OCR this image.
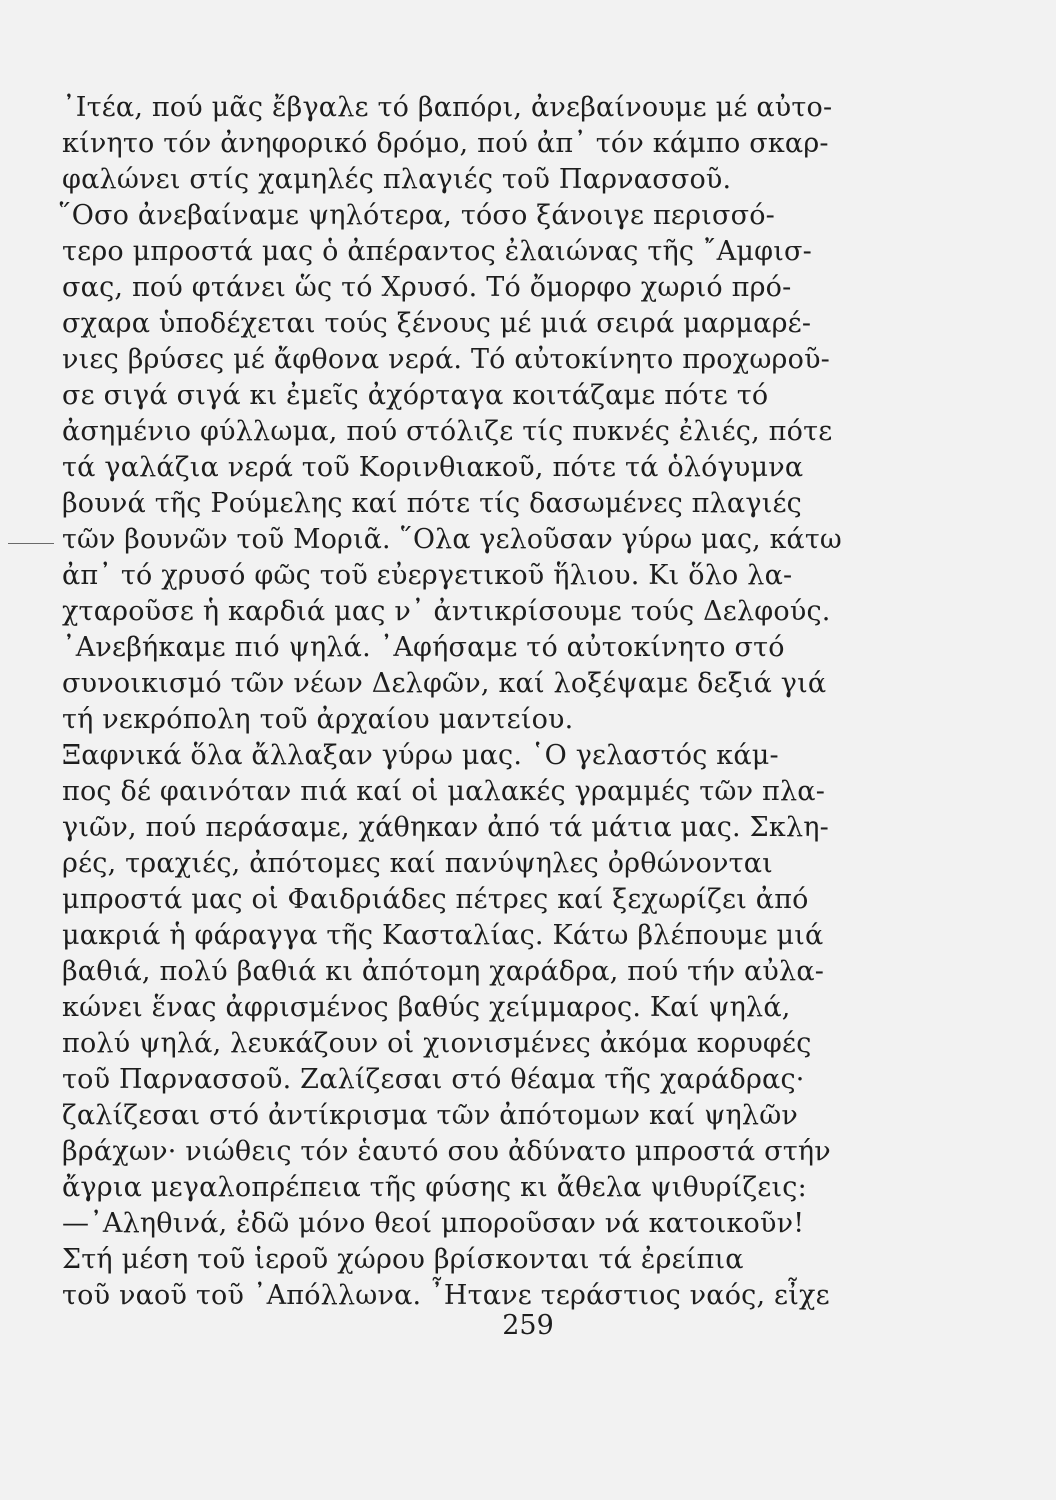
᾿Ιτέα, πού μᾶς ἔβγαλε τό βαπόρι, ἀνεβαίνουμε μέ αὐτο-
κίνητο τόν ἀνηφορικό δρόμο, πού ἀπ᾿ τόν κάμπο σκαρ-
φαλώνει στίς χαμηλές πλαγιές τοῦ Παρνασσοῦ.
῞Οσο ἀνεβαίναμε ψηλότερα, τόσο ξάνοιγε περισσό-
τερο μπροστά μας ὁ ἀπέραντος ἐλαιώνας τῆς ῎Αμφισ-
σας, πού φτάνει ὥς τό Χρυσό. Τό ὄμορφο χωριό πρό-
σχαρα ὑποδέχεται τούς ξένους μέ μιά σειρά μαρμαρέ-
νιες βρύσες μέ ἄφθονα νερά. Τό αὐτοκίνητο προχωροῦ-
σε σιγά σιγά κι ἐμεῖς ἀχόρταγα κοιτάζαμε πότε τό
ἀσημένιο φύλλωμα, πού στόλιζε τίς πυκνές ἐλιές, πότε
τά γαλάζια νερά τοῦ Κορινθιακοῦ, πότε τά ὁλόγυμνα
βουνά τῆς Ρούμελης καί πότε τίς δασωμένες πλαγιές
τῶν βουνῶν τοῦ Μοριᾶ. ῞Ολα γελοῦσαν γύρω μας, κάτω
ἀπ᾿ τό χρυσό φῶς τοῦ εὐεργετικοῦ ἥλιου. Κι ὅλο λα-
χταροῦσε ἡ καρδιά μας ν᾿ ἀντικρίσουμε τούς Δελφούς.
᾿Ανεβήκαμε πιό ψηλά. ᾿Αφήσαμε τό αὐτοκίνητο στό
συνοικισμό τῶν νέων Δελφῶν, καί λοξέψαμε δεξιά γιά
τή νεκρόπολη τοῦ ἀρχαίου μαντείου.
Ξαφνικά ὅλα ἄλλαξαν γύρω μας. ῾Ο γελαστός κάμ-
πος δέ φαινόταν πιά καί οἱ μαλακές γραμμές τῶν πλα-
γιῶν, πού περάσαμε, χάθηκαν ἀπό τά μάτια μας. Σκλη-
ρές, τραχιές, ἀπότομες καί πανύψηλες ὀρθώνονται
μπροστά μας οἱ Φαιδριάδες πέτρες καί ξεχωρίζει ἀπό
μακριά ἡ φάραγγα τῆς Κασταλίας. Κάτω βλέπουμε μιά
βαθιά, πολύ βαθιά κι ἀπότομη χαράδρα, πού τήν αὐλα-
κώνει ἕνας ἀφρισμένος βαθύς χείμμαρος. Καί ψηλά,
πολύ ψηλά, λευκάζουν οἱ χιονισμένες ἀκόμα κορυφές
τοῦ Παρνασσοῦ. Ζαλίζεσαι στό θέαμα τῆς χαράδρας·
ζαλίζεσαι στό ἀντίκρισμα τῶν ἀπότομων καί ψηλῶν
βράχων· νιώθεις τόν ἑαυτό σου ἀδύνατο μπροστά στήν
ἄγρια μεγαλοπρέπεια τῆς φύσης κι ἄθελα ψιθυρίζεις:
—᾿Αληθινά, ἐδῶ μόνο θεοί μποροῦσαν νά κατοικοῦν!
Στή μέση τοῦ ἱεροῦ χώρου βρίσκονται τά ἐρείπια
τοῦ ναοῦ τοῦ ᾿Απόλλωνα. ῏Ητανε τεράστιος ναός, εἶχε
259
